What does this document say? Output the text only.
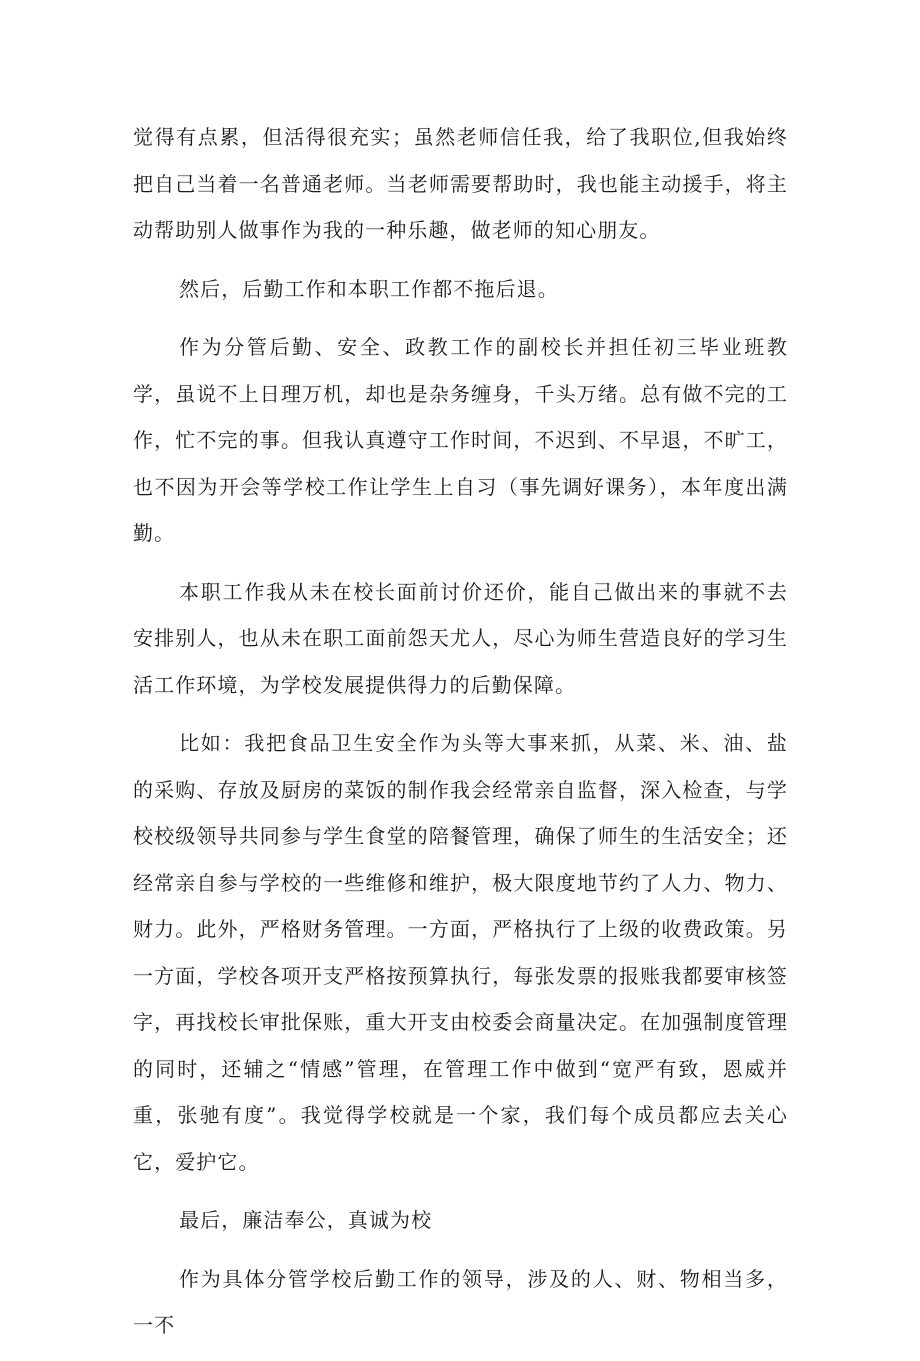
觉得有点累，但活得很充实；虽然老师信任我，给了我职位,但我始终把自己当着一名普通老师。当老师需要帮助时，我也能主动援手，将主动帮助别人做事作为我的一种乐趣，做老师的知心朋友。

然后，后勤工作和本职工作都不拖后退。

作为分管后勤、安全、政教工作的副校长并担任初三毕业班教学，虽说不上日理万机，却也是杂务缠身，千头万绪。总有做不完的工作，忙不完的事。但我认真遵守工作时间，不迟到、不早退，不旷工，也不因为开会等学校工作让学生上自习（事先调好课务），本年度出满勤。

本职工作我从未在校长面前讨价还价，能自己做出来的事就不去安排别人，也从未在职工面前怨天尤人，尽心为师生营造良好的学习生活工作环境，为学校发展提供得力的后勤保障。

比如：我把食品卫生安全作为头等大事来抓，从菜、米、油、盐的采购、存放及厨房的菜饭的制作我会经常亲自监督，深入检查，与学校校级领导共同参与学生食堂的陪餐管理，确保了师生的生活安全；还经常亲自参与学校的一些维修和维护，极大限度地节约了人力、物力、财力。此外，严格财务管理。一方面，严格执行了上级的收费政策。另一方面，学校各项开支严格按预算执行，每张发票的报账我都要审核签字，再找校长审批保账，重大开支由校委会商量决定。在加强制度管理的同时，还辅之“情感”管理，在管理工作中做到“宽严有致，恩威并重，张驰有度”。我觉得学校就是一个家，我们每个成员都应去关心它，爱护它。

最后，廉洁奉公，真诚为校

作为具体分管学校后勤工作的领导，涉及的人、财、物相当多，一不
